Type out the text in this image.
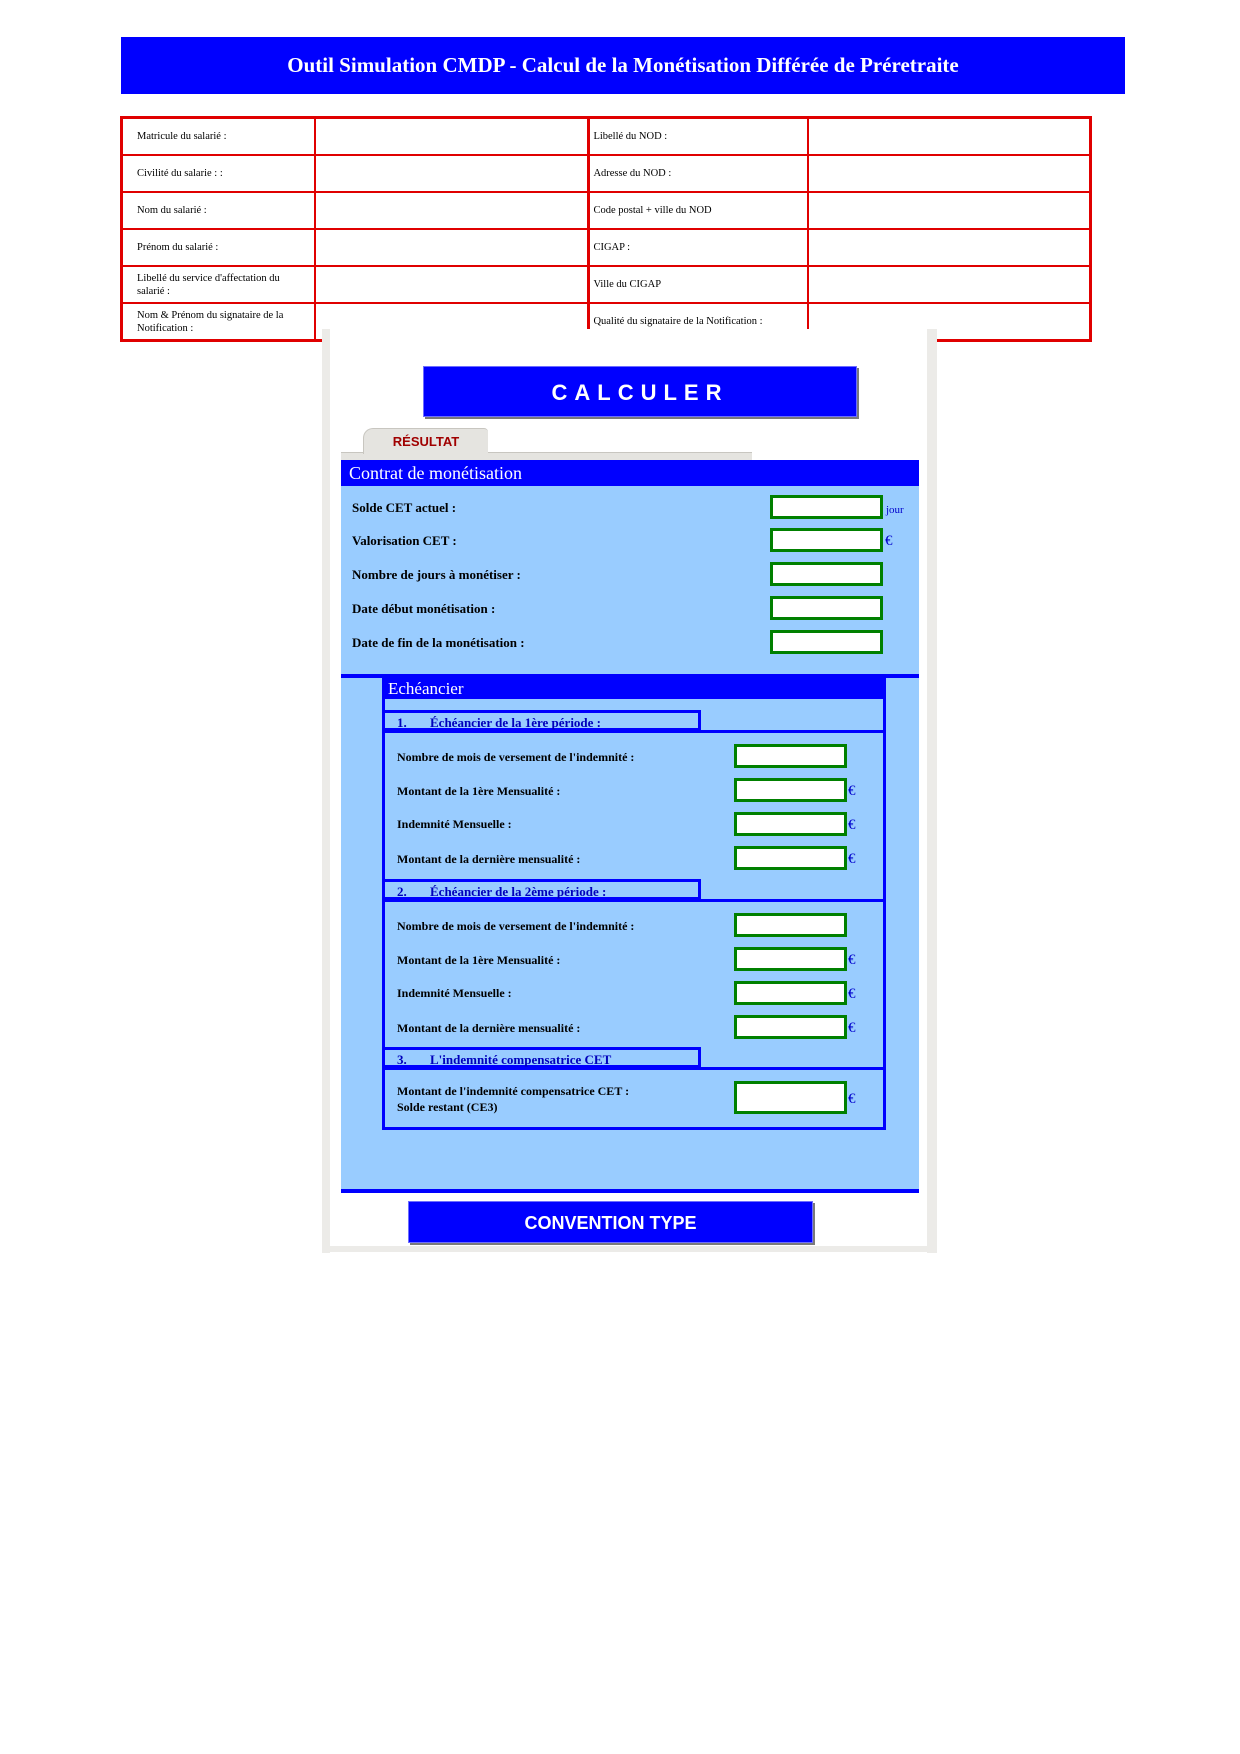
Outil Simulation CMDP - Calcul de la Monétisation Différée de Préretraite
Matricule du salarié :		Libellé du NOD :	
Civilité du salarie : :		Adresse du NOD :	
Nom du salarié :		Code postal + ville du NOD	
Prénom du salarié :		CIGAP :	
Libellé du service d'affectation du salarié :		Ville du CIGAP	
Nom & Prénom du signataire de la Notification :		Qualité du signataire de la Notification :	
CALCULER
RÉSULTAT
Contrat de monétisation
Solde CET actuel :	jour
Valorisation CET :	€
Nombre de jours à monétiser :
Date début monétisation :
Date de fin de la monétisation :
Echéancier
1. Échéancier de la 1ère période :
Nombre de mois de versement de l'indemnité :
Montant de la 1ère Mensualité :	€
Indemnité Mensuelle :	€
Montant de la dernière mensualité :	€
2. Échéancier de la 2ème période :
Nombre de mois de versement de l'indemnité :
Montant de la 1ère Mensualité :	€
Indemnité Mensuelle :	€
Montant de la dernière mensualité :	€
3. L'indemnité compensatrice CET
Montant de l'indemnité compensatrice CET :
Solde restant (CE3)	€
CONVENTION TYPE
